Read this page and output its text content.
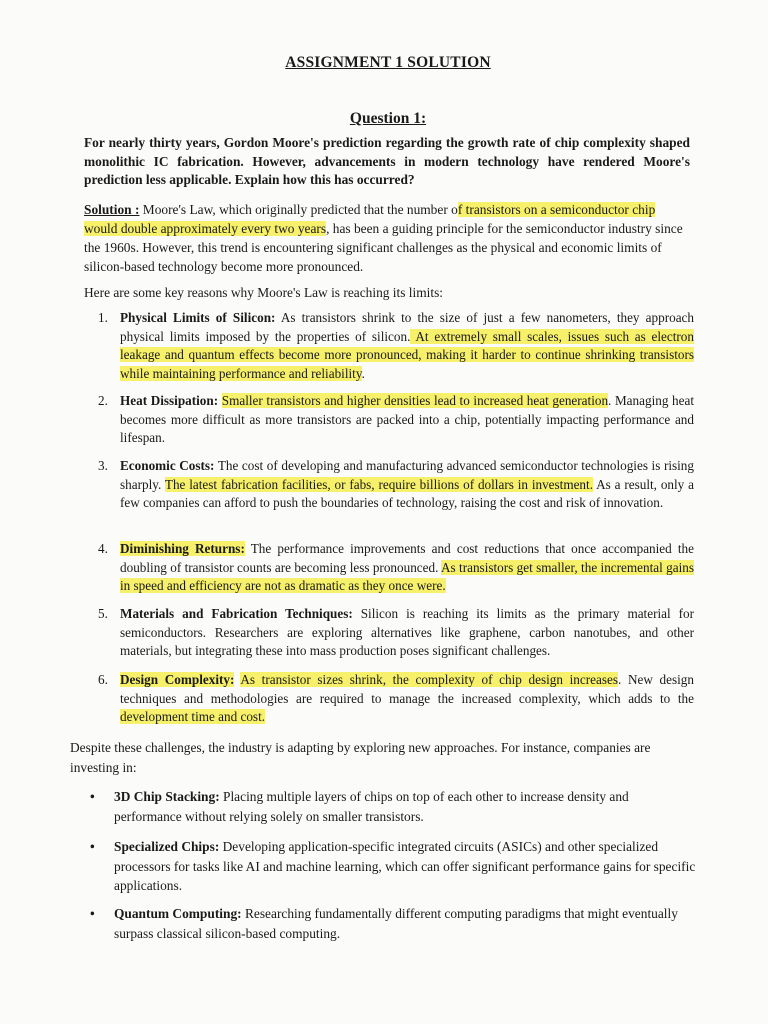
ASSIGNMENT 1 SOLUTION
Question 1:
For nearly thirty years, Gordon Moore's prediction regarding the growth rate of chip complexity shaped monolithic IC fabrication. However, advancements in modern technology have rendered Moore's prediction less applicable. Explain how this has occurred?
Solution : Moore's Law, which originally predicted that the number of transistors on a semiconductor chip would double approximately every two years, has been a guiding principle for the semiconductor industry since the 1960s. However, this trend is encountering significant challenges as the physical and economic limits of silicon-based technology become more pronounced.
Here are some key reasons why Moore's Law is reaching its limits:
1. Physical Limits of Silicon: As transistors shrink to the size of just a few nanometers, they approach physical limits imposed by the properties of silicon. At extremely small scales, issues such as electron leakage and quantum effects become more pronounced, making it harder to continue shrinking transistors while maintaining performance and reliability.
2. Heat Dissipation: Smaller transistors and higher densities lead to increased heat generation. Managing heat becomes more difficult as more transistors are packed into a chip, potentially impacting performance and lifespan.
3. Economic Costs: The cost of developing and manufacturing advanced semiconductor technologies is rising sharply. The latest fabrication facilities, or fabs, require billions of dollars in investment. As a result, only a few companies can afford to push the boundaries of technology, raising the cost and risk of innovation.
4. Diminishing Returns: The performance improvements and cost reductions that once accompanied the doubling of transistor counts are becoming less pronounced. As transistors get smaller, the incremental gains in speed and efficiency are not as dramatic as they once were.
5. Materials and Fabrication Techniques: Silicon is reaching its limits as the primary material for semiconductors. Researchers are exploring alternatives like graphene, carbon nanotubes, and other materials, but integrating these into mass production poses significant challenges.
6. Design Complexity: As transistor sizes shrink, the complexity of chip design increases. New design techniques and methodologies are required to manage the increased complexity, which adds to the development time and cost.
Despite these challenges, the industry is adapting by exploring new approaches. For instance, companies are investing in:
•	3D Chip Stacking: Placing multiple layers of chips on top of each other to increase density and performance without relying solely on smaller transistors.
•	Specialized Chips: Developing application-specific integrated circuits (ASICs) and other specialized processors for tasks like AI and machine learning, which can offer significant performance gains for specific applications.
•	Quantum Computing: Researching fundamentally different computing paradigms that might eventually surpass classical silicon-based computing.
